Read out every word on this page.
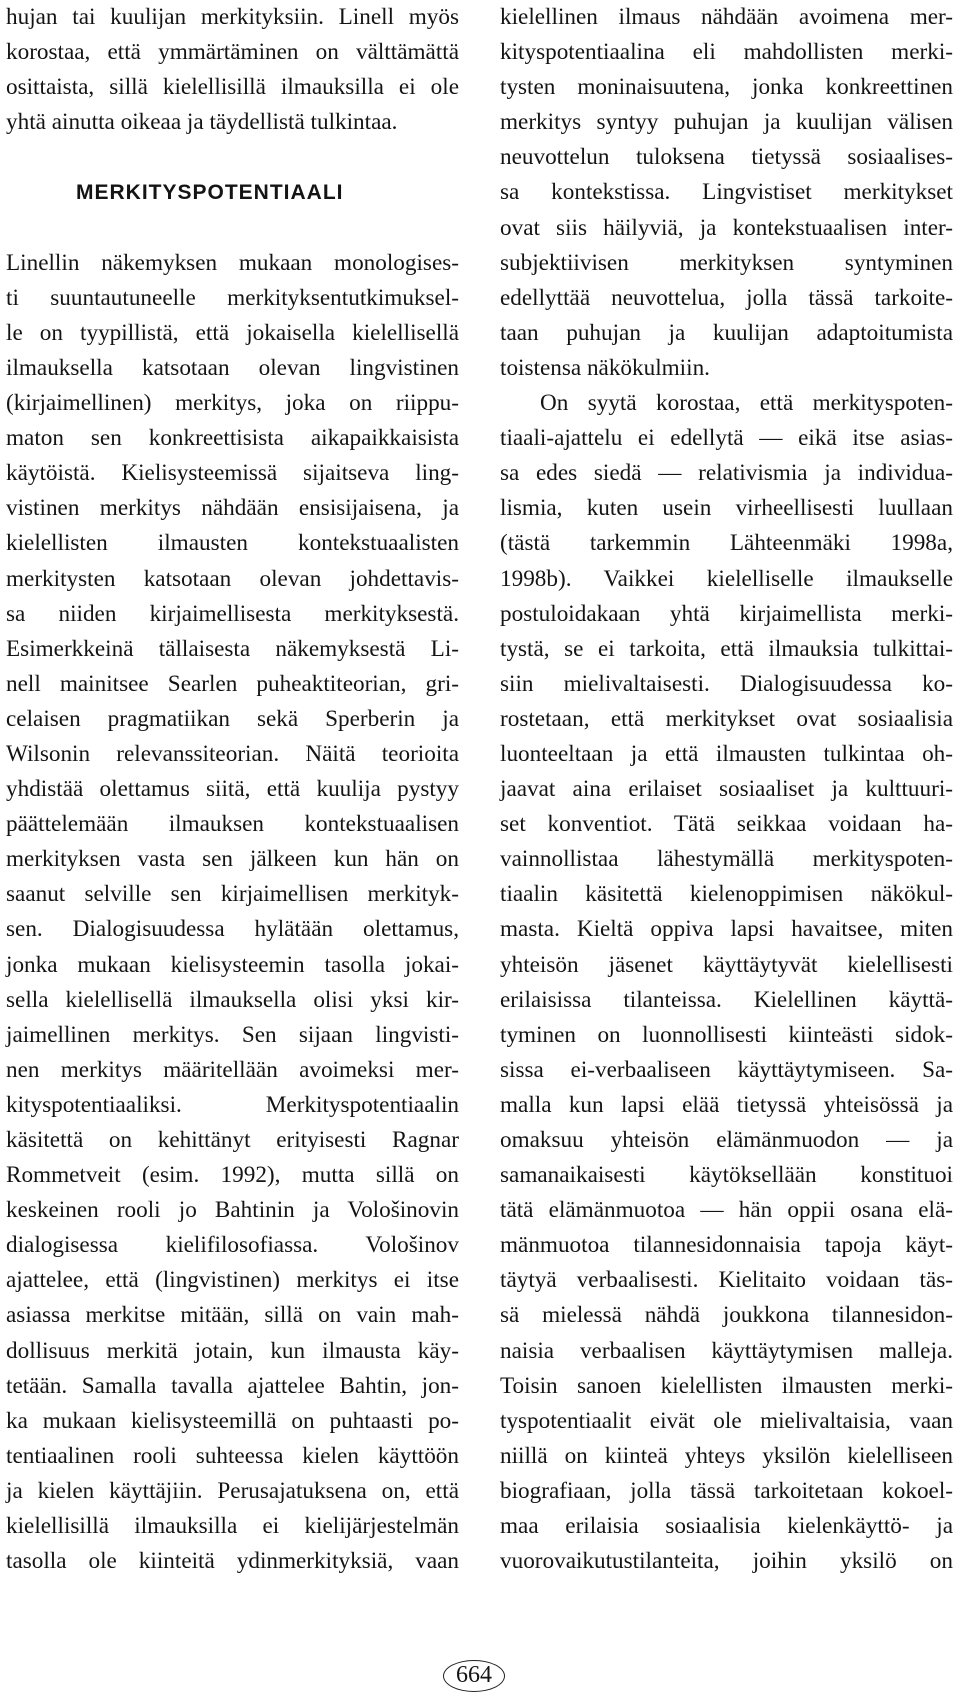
hujan tai kuulijan merkityksiin. Linell myös
korostaa, että ymmärtäminen on välttämättä
osittaista, sillä kielellisillä ilmauksilla ei ole
yhtä ainutta oikeaa ja täydellistä tulkintaa.
MERKITYSPOTENTIAALI
Linellin näkemyksen mukaan monologises-
ti suuntautuneelle merkityksentutkimuksel-
le on tyypillistä, että jokaisella kielellisellä
ilmauksella katsotaan olevan lingvistinen
(kirjaimellinen) merkitys, joka on riippu-
maton sen konkreettisista aikapaikkaisista
käytöistä. Kielisysteemissä sijaitseva ling-
vistinen merkitys nähdään ensisijaisena, ja
kielellisten ilmausten kontekstuaalisten
merkitysten katsotaan olevan johdettavis-
sa niiden kirjaimellisesta merkityksestä.
Esimerkkeinä tällaisesta näkemyksestä Li-
nell mainitsee Searlen puheaktiteorian, gri-
celaisen pragmatiikan sekä Sperberin ja
Wilsonin relevanssiteorian. Näitä teorioita
yhdistää olettamus siitä, että kuulija pystyy
päättelemään ilmauksen kontekstuaalisen
merkityksen vasta sen jälkeen kun hän on
saanut selville sen kirjaimellisen merkityk-
sen. Dialogisuudessa hylätään olettamus,
jonka mukaan kielisysteemin tasolla jokai-
sella kielellisellä ilmauksella olisi yksi kir-
jaimellinen merkitys. Sen sijaan lingvisti-
nen merkitys määritellään avoimeksi mer-
kityspotentiaaliksi. Merkityspotentiaalin
käsitettä on kehittänyt erityisesti Ragnar
Rommetveit (esim. 1992), mutta sillä on
keskeinen rooli jo Bahtinin ja Vološinovin
dialogisessa kielifilosofiassa. Vološinov
ajattelee, että (lingvistinen) merkitys ei itse
asiassa merkitse mitään, sillä on vain mah-
dollisuus merkitä jotain, kun ilmausta käy-
tetään. Samalla tavalla ajattelee Bahtin, jon-
ka mukaan kielisysteemillä on puhtaasti po-
tentiaalinen rooli suhteessa kielen käyttöön
ja kielen käyttäjiin. Perusajatuksena on, että
kielellisillä ilmauksilla ei kielijärjestelmän
tasolla ole kiinteitä ydinmerkityksiä, vaan
kielellinen ilmaus nähdään avoimena mer-
kityspotentiaalina eli mahdollisten merki-
tysten moninaisuutena, jonka konkreettinen
merkitys syntyy puhujan ja kuulijan välisen
neuvottelun tuloksena tietyssä sosiaalises-
sa kontekstissa. Lingvistiset merkitykset
ovat siis häilyviä, ja kontekstuaalisen inter-
subjektiivisen merkityksen syntyminen
edellyttää neuvottelua, jolla tässä tarkoite-
taan puhujan ja kuulijan adaptoitumista
toistensa näkökulmiin.
On syytä korostaa, että merkityspoten-
tiaali-ajattelu ei edellytä — eikä itse asias-
sa edes siedä — relativismia ja individua-
lismia, kuten usein virheellisesti luullaan
(tästä tarkemmin Lähteenmäki 1998a,
1998b). Vaikkei kielelliselle ilmaukselle
postuloidakaan yhtä kirjaimellista merki-
tystä, se ei tarkoita, että ilmauksia tulkittai-
siin mielivaltaisesti. Dialogisuudessa ko-
rostetaan, että merkitykset ovat sosiaalisia
luonteeltaan ja että ilmausten tulkintaa oh-
jaavat aina erilaiset sosiaaliset ja kulttuuri-
set konventiot. Tätä seikkaa voidaan ha-
vainnollistaa lähestymällä merkityspoten-
tiaalin käsitettä kielenoppimisen näkökul-
masta. Kieltä oppiva lapsi havaitsee, miten
yhteisön jäsenet käyttäytyvät kielellisesti
erilaisissa tilanteissa. Kielellinen käyttä-
tyminen on luonnollisesti kiinteästi sidok-
sissa ei-verbaaliseen käyttäytymiseen. Sa-
malla kun lapsi elää tietyssä yhteisössä ja
omaksuu yhteisön elämänmuodon — ja
samanaikaisesti käytöksellään konstituoi
tätä elämänmuotoa — hän oppii osana elä-
mänmuotoa tilannesidonnaisia tapoja käyt-
täytyä verbaalisesti. Kielitaito voidaan täs-
sä mielessä nähdä joukkona tilannesidon-
naisia verbaalisen käyttäytymisen malleja.
Toisin sanoen kielellisten ilmausten merki-
tyspotentiaalit eivät ole mielivaltaisia, vaan
niillä on kiinteä yhteys yksilön kielelliseen
biografiaan, jolla tässä tarkoitetaan kokoel-
maa erilaisia sosiaalisia kielenkäyttö- ja
vuorovaikutustilanteita, joihin yksilö on
664
